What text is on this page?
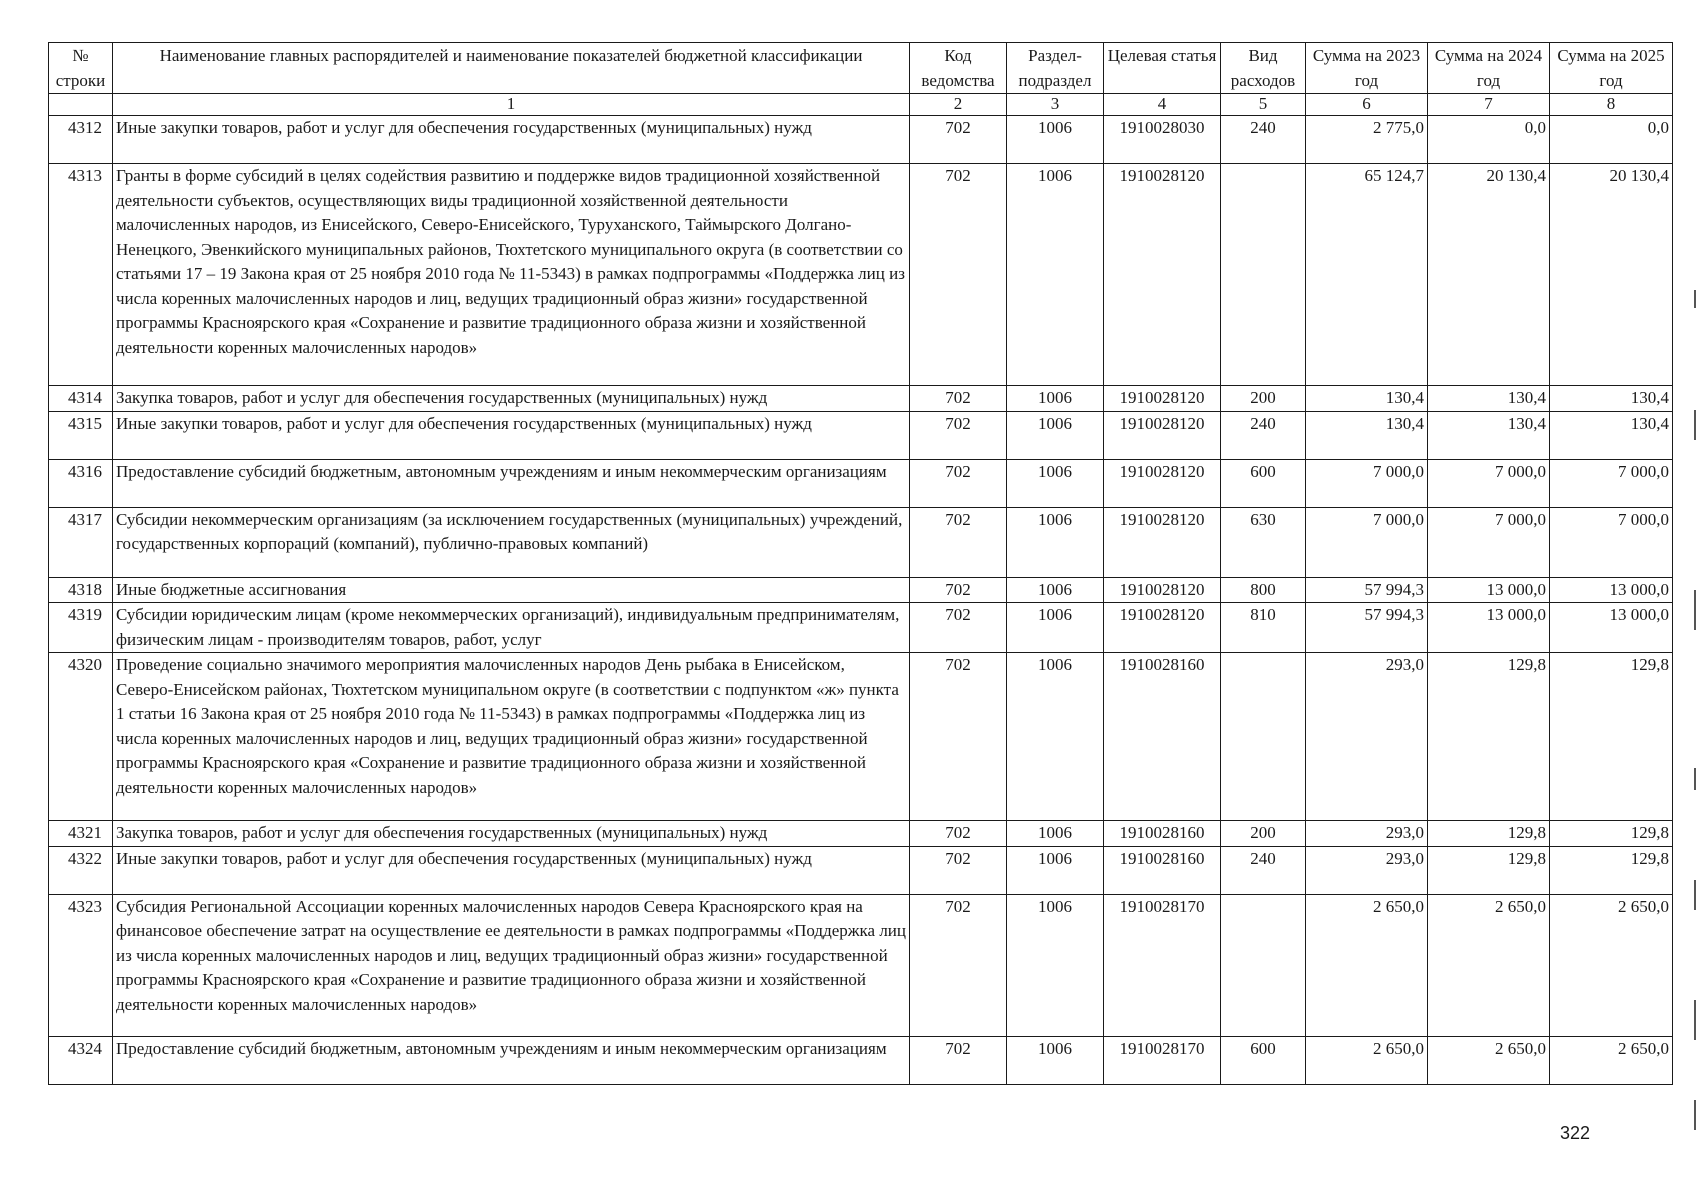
№ строки	Наименование главных распорядителей и наименование показателей бюджетной классификации	Код ведомства	Раздел-подраздел	Целевая статья	Вид расходов	Сумма на 2023 год	Сумма на 2024 год	Сумма на 2025 год
	1	2	3	4	5	6	7	8
4312	Иные закупки товаров, работ и услуг для обеспечения государственных (муниципальных) нужд	702	1006	1910028030	240	2 775,0	0,0	0,0
4313	Гранты в форме субсидий в целях содействия развитию и поддержке видов традиционной хозяйственной деятельности субъектов, осуществляющих виды традиционной хозяйственной деятельности малочисленных народов, из Енисейского, Северо-Енисейского, Туруханского, Таймырского Долгано-Ненецкого, Эвенкийского муниципальных районов, Тюхтетского муниципального округа (в соответствии со статьями 17 – 19 Закона края от 25 ноября 2010 года № 11-5343) в рамках подпрограммы «Поддержка лиц из числа коренных малочисленных народов и лиц, ведущих традиционный образ жизни» государственной программы Красноярского края «Сохранение и развитие традиционного образа жизни и хозяйственной деятельности коренных малочисленных народов»	702	1006	1910028120		65 124,7	20 130,4	20 130,4
4314	Закупка товаров, работ и услуг для обеспечения государственных (муниципальных) нужд	702	1006	1910028120	200	130,4	130,4	130,4
4315	Иные закупки товаров, работ и услуг для обеспечения государственных (муниципальных) нужд	702	1006	1910028120	240	130,4	130,4	130,4
4316	Предоставление субсидий бюджетным, автономным учреждениям и иным некоммерческим организациям	702	1006	1910028120	600	7 000,0	7 000,0	7 000,0
4317	Субсидии некоммерческим организациям (за исключением государственных (муниципальных) учреждений, государственных корпораций (компаний), публично-правовых компаний)	702	1006	1910028120	630	7 000,0	7 000,0	7 000,0
4318	Иные бюджетные ассигнования	702	1006	1910028120	800	57 994,3	13 000,0	13 000,0
4319	Субсидии юридическим лицам (кроме некоммерческих организаций), индивидуальным предпринимателям, физическим лицам - производителям товаров, работ, услуг	702	1006	1910028120	810	57 994,3	13 000,0	13 000,0
4320	Проведение социально значимого мероприятия малочисленных народов День рыбака в Енисейском, Северо-Енисейском районах, Тюхтетском муниципальном округе (в соответствии с подпунктом «ж» пункта 1 статьи 16 Закона края от 25 ноября 2010 года № 11-5343) в рамках подпрограммы «Поддержка лиц из числа коренных малочисленных народов и лиц, ведущих традиционный образ жизни» государственной программы Красноярского края «Сохранение и развитие традиционного образа жизни и хозяйственной деятельности коренных малочисленных народов»	702	1006	1910028160		293,0	129,8	129,8
4321	Закупка товаров, работ и услуг для обеспечения государственных (муниципальных) нужд	702	1006	1910028160	200	293,0	129,8	129,8
4322	Иные закупки товаров, работ и услуг для обеспечения государственных (муниципальных) нужд	702	1006	1910028160	240	293,0	129,8	129,8
4323	Субсидия Региональной Ассоциации коренных малочисленных народов Севера Красноярского края на финансовое обеспечение затрат на осуществление ее деятельности в рамках подпрограммы «Поддержка лиц из числа коренных малочисленных народов и лиц, ведущих традиционный образ жизни» государственной программы Красноярского края «Сохранение и развитие традиционного образа жизни и хозяйственной деятельности коренных малочисленных народов»	702	1006	1910028170		2 650,0	2 650,0	2 650,0
4324	Предоставление субсидий бюджетным, автономным учреждениям и иным некоммерческим организациям	702	1006	1910028170	600	2 650,0	2 650,0	2 650,0
322
